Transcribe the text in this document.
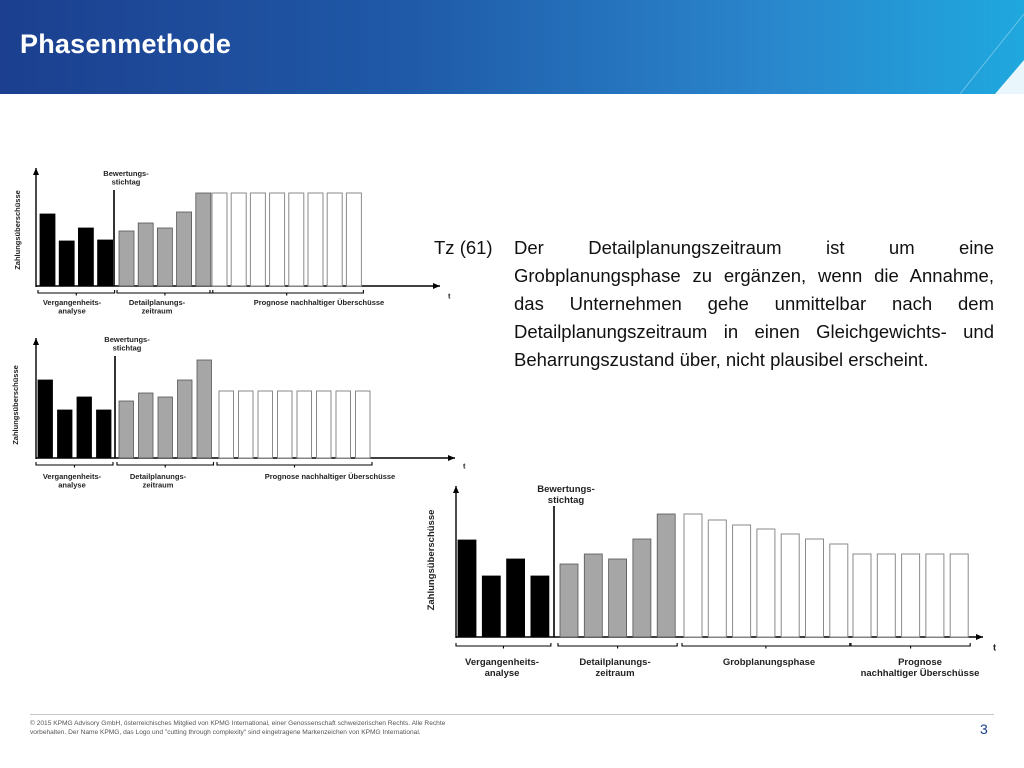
Phasenmethode
Zahlungsüberschüsse
t
Bewertungs-stichtag
Vergangenheits-analyse
Detailplanungs-zeitraum
Prognose nachhaltiger Überschüsse
Zahlungsüberschüsse
t
Bewertungs-stichtag
Vergangenheits-analyse
Detailplanungs-zeitraum
Prognose nachhaltiger Überschüsse
Zahlungsüberschüsse
t
Bewertungs-stichtag
Vergangenheits-analyse
Detailplanungs-zeitraum
Grobplanungsphase	Prognose nachhaltiger Überschüsse
Tz (61) Der Detailplanungszeitraum ist um eine Grobplanungsphase zu ergänzen, wenn die Annahme, das Unternehmen gehe unmittelbar nach dem Detailplanungszeitraum in einen Gleichgewichts- und Beharrungszustand über, nicht plausibel erscheint.
© 2015 KPMG Advisory GmbH, österreichisches Mitglied von KPMG International, einer Genossenschaft schweizerischen Rechts. Alle Rechte vorbehalten. Der Name KPMG, das Logo und "cutting through complexity" sind eingetragene Markenzeichen von KPMG International.	3
